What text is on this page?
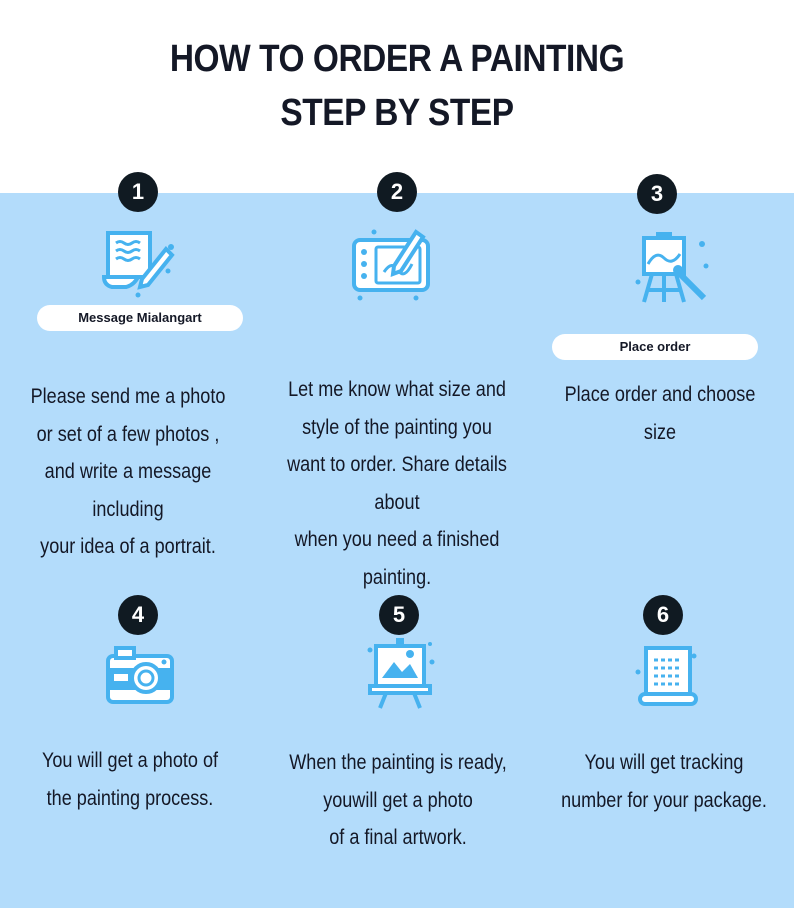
HOW TO ORDER A PAINTING
STEP BY STEP
1
Message Mialangart
Please send me a photo
or set of a few photos ,
and write a message
including
your idea of a portrait.
2
Let me know what size and
style of the painting you
want to order. Share details about
when you need a finished painting.
3
Place order
Place order and choose size
4
You will get a photo of
the painting process.
5
When the painting is ready,
youwill get a photo
of a final artwork.
6
You will get tracking
number for your package.
